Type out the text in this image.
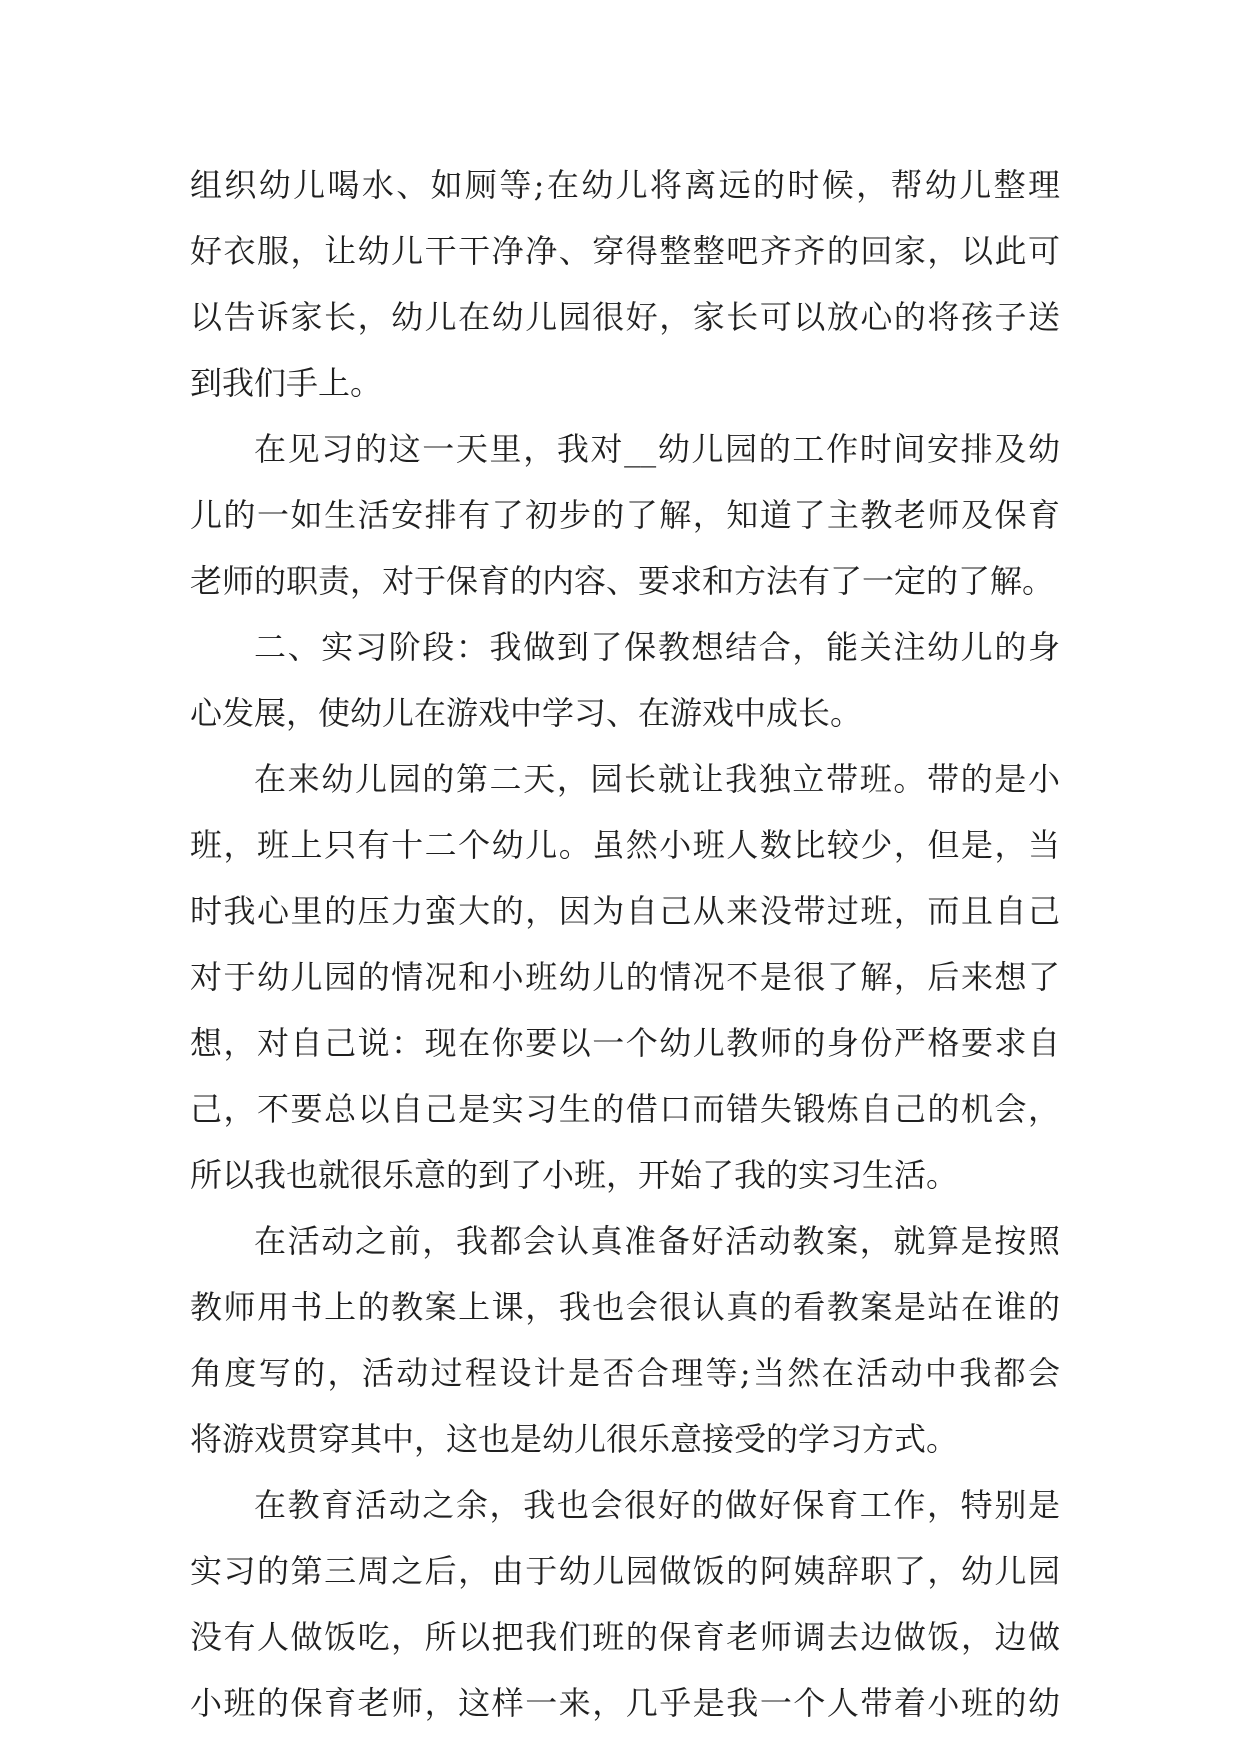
组织幼儿喝水、如厕等;在幼儿将离远的时候，帮幼儿整理
好衣服，让幼儿干干净净、穿得整整吧齐齐的回家，以此可
以告诉家长，幼儿在幼儿园很好，家长可以放心的将孩子送
到我们手上。
在见习的这一天里，我对__幼儿园的工作时间安排及幼
儿的一如生活安排有了初步的了解，知道了主教老师及保育
老师的职责，对于保育的内容、要求和方法有了一定的了解。
二、实习阶段：我做到了保教想结合，能关注幼儿的身
心发展，使幼儿在游戏中学习、在游戏中成长。
在来幼儿园的第二天，园长就让我独立带班。带的是小
班，班上只有十二个幼儿。虽然小班人数比较少，但是，当
时我心里的压力蛮大的，因为自己从来没带过班，而且自己
对于幼儿园的情况和小班幼儿的情况不是很了解，后来想了
想，对自己说：现在你要以一个幼儿教师的身份严格要求自
己，不要总以自己是实习生的借口而错失锻炼自己的机会，
所以我也就很乐意的到了小班，开始了我的实习生活。
在活动之前，我都会认真准备好活动教案，就算是按照
教师用书上的教案上课，我也会很认真的看教案是站在谁的
角度写的，活动过程设计是否合理等;当然在活动中我都会
将游戏贯穿其中，这也是幼儿很乐意接受的学习方式。
在教育活动之余，我也会很好的做好保育工作，特别是
实习的第三周之后，由于幼儿园做饭的阿姨辞职了，幼儿园
没有人做饭吃，所以把我们班的保育老师调去边做饭，边做
小班的保育老师，这样一来，几乎是我一个人带着小班的幼
